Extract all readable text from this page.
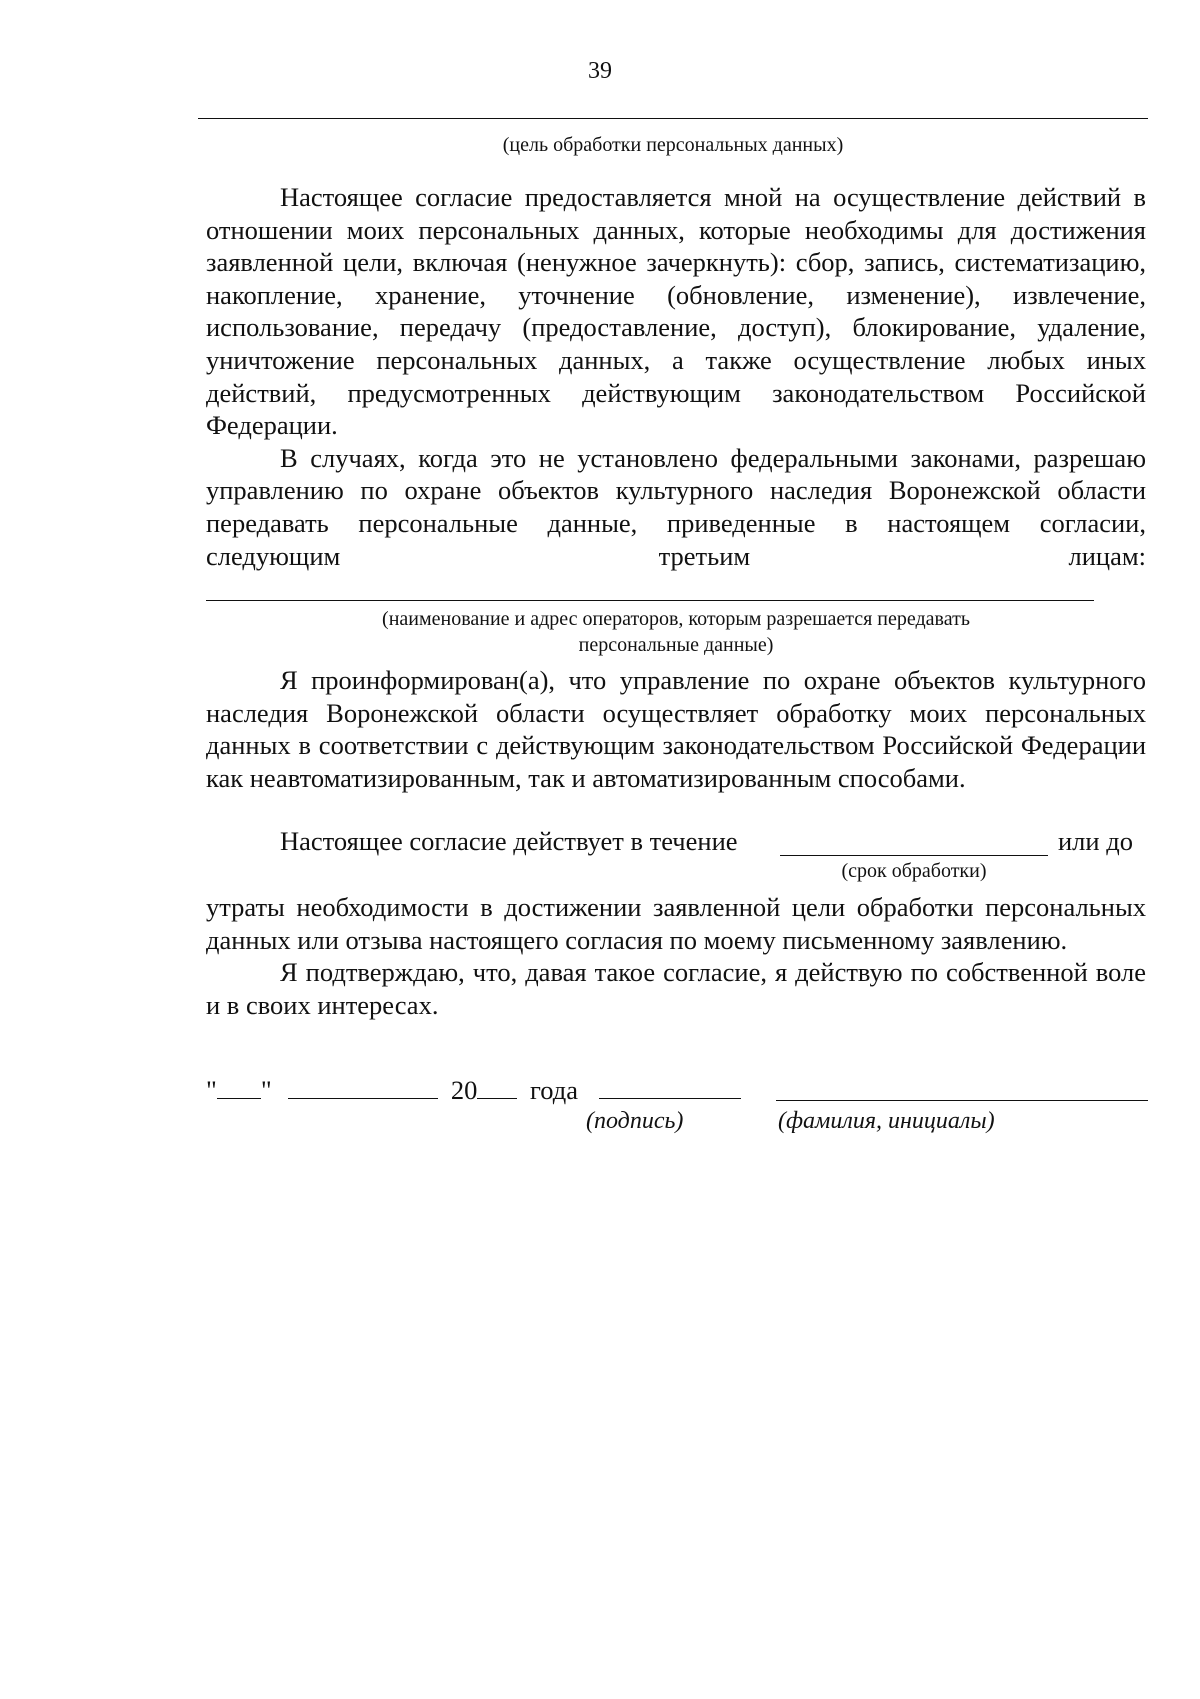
39
(цель обработки персональных данных)

Настоящее согласие предоставляется мной на осуществление действий в отношении моих персональных данных, которые необходимы для достижения заявленной цели, включая (ненужное зачеркнуть): сбор, запись, систематизацию, накопление, хранение, уточнение (обновление, изменение), извлечение, использование, передачу (предоставление, доступ), блокирование, удаление, уничтожение персональных данных, а также осуществление любых иных действий, предусмотренных действующим законодательством Российской Федерации.

В случаях, когда это не установлено федеральными законами, разрешаю управлению по охране объектов культурного наследия Воронежской области передавать персональные данные, приведенные в настоящем согласии, следующим третьим лицам:

(наименование и адрес операторов, которым разрешается передавать
персональные данные)

Я проинформирован(а), что управление по охране объектов культурного наследия Воронежской области осуществляет обработку моих персональных данных в соответствии с действующим законодательством Российской Федерации как неавтоматизированным, так и автоматизированным способами.

Настоящее согласие действует в течение	или до
(срок обработки)

утраты необходимости в достижении заявленной цели обработки персональных данных или отзыва настоящего согласия по моему письменному заявлению.

Я подтверждаю, что, давая такое согласие, я действую по собственной воле и в своих интересах.

" "	20 года
(подпись)	(фамилия, инициалы)
